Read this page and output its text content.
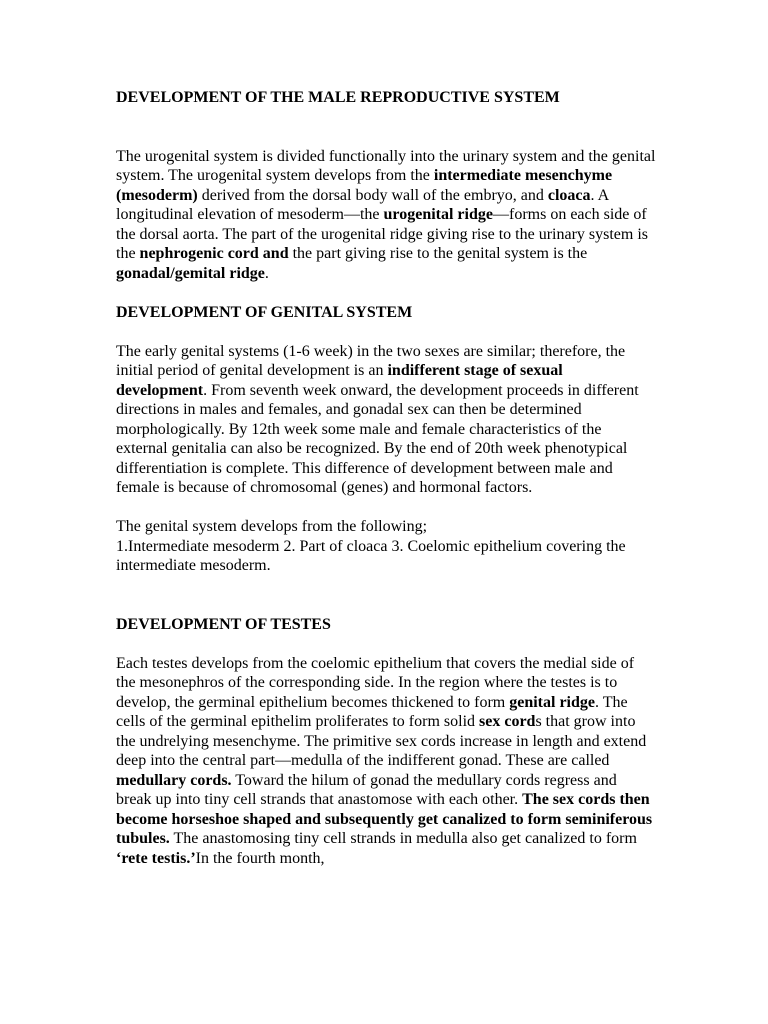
DEVELOPMENT OF THE MALE REPRODUCTIVE SYSTEM

The urogenital system is divided functionally into the urinary system and the genital system. The urogenital system develops from the intermediate mesenchyme (mesoderm) derived from the dorsal body wall of the embryo, and cloaca. A longitudinal elevation of mesoderm—the urogenital ridge—forms on each side of the dorsal aorta. The part of the urogenital ridge giving rise to the urinary system is the nephrogenic cord and the part giving rise to the genital system is the gonadal/gemital ridge.

DEVELOPMENT OF GENITAL SYSTEM

The early genital systems (1-6 week) in the two sexes are similar; therefore, the initial period of genital development is an indifferent stage of sexual development. From seventh week onward, the development proceeds in different directions in males and females, and gonadal sex can then be determined morphologically. By 12th week some male and female characteristics of the external genitalia can also be recognized. By the end of 20th week phenotypical differentiation is complete. This difference of development between male and female is because of chromosomal (genes) and hormonal factors.

The genital system develops from the following;

1.Intermediate mesoderm 2. Part of cloaca 3. Coelomic epithelium covering the intermediate mesoderm.

DEVELOPMENT OF TESTES

Each testes develops from the coelomic epithelium that covers the medial side of the mesonephros of the corresponding side. In the region where the testes is to develop, the germinal epithelium becomes thickened to form genital ridge. The cells of the germinal epithelim proliferates to form solid sex cords that grow into the undrelying mesenchyme. The primitive sex cords increase in length and extend deep into the central part—medulla of the indifferent gonad. These are called medullary cords. Toward the hilum of gonad the medullary cords regress and break up into tiny cell strands that anastomose with each other. The sex cords then become horseshoe shaped and subsequently get canalized to form seminiferous tubules. The anastomosing tiny cell strands in medulla also get canalized to form ‘rete testis.’In the fourth month,
